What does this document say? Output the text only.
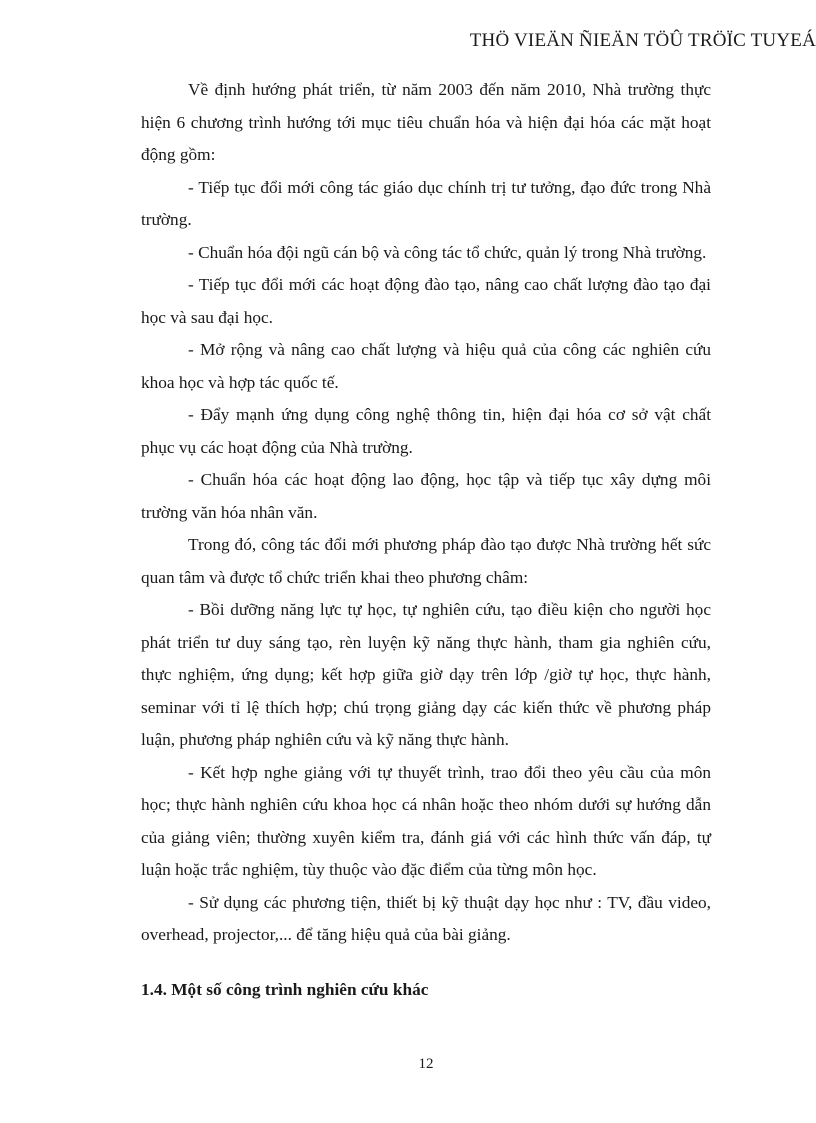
THÖ VIEÄN ÑIEÄN TÖÛ TRÖÏC TUYEÁ

Về định hướng phát triển, từ năm 2003 đến năm 2010, Nhà trường thực hiện 6 chương trình hướng tới mục tiêu chuẩn hóa và hiện đại hóa các mặt hoạt động gồm:

- Tiếp tục đổi mới công tác giáo dục chính trị tư tưởng, đạo đức trong Nhà trường.

- Chuẩn hóa đội ngũ cán bộ và công tác tổ chức, quản lý trong Nhà trường.

- Tiếp tục đổi mới các hoạt động đào tạo, nâng cao chất lượng đào tạo đại học và sau đại học.

- Mở rộng và nâng cao chất lượng và hiệu quả của công các nghiên cứu khoa học và hợp tác quốc tế.

- Đẩy mạnh ứng dụng công nghệ thông tin, hiện đại hóa cơ sở vật chất phục vụ các hoạt động của Nhà trường.

- Chuẩn hóa các hoạt động lao động, học tập và tiếp tục xây dựng môi trường văn hóa nhân văn.

Trong đó, công tác đổi mới phương pháp đào tạo được Nhà trường hết sức quan tâm và được tổ chức triển khai theo phương châm:

- Bồi dưỡng năng lực tự học, tự nghiên cứu, tạo điều kiện cho người học phát triển tư duy sáng tạo, rèn luyện kỹ năng thực hành, tham gia nghiên cứu, thực nghiệm, ứng dụng; kết hợp giữa giờ dạy trên lớp /giờ tự học, thực hành, seminar với tỉ lệ thích hợp; chú trọng giảng dạy các kiến thức về phương pháp luận, phương pháp nghiên cứu và kỹ năng thực hành.

- Kết hợp nghe giảng với tự thuyết trình, trao đổi theo yêu cầu của môn học; thực hành nghiên cứu khoa học cá nhân hoặc theo nhóm dưới sự hướng dẫn của giảng viên; thường xuyên kiểm tra, đánh giá với các hình thức vấn đáp, tự luận hoặc trắc nghiệm, tùy thuộc vào đặc điểm của từng môn học.

- Sử dụng các phương tiện, thiết bị kỹ thuật dạy học như : TV, đầu video, overhead, projector,... để tăng hiệu quả của bài giảng.

1.4. Một số công trình nghiên cứu khác
12
